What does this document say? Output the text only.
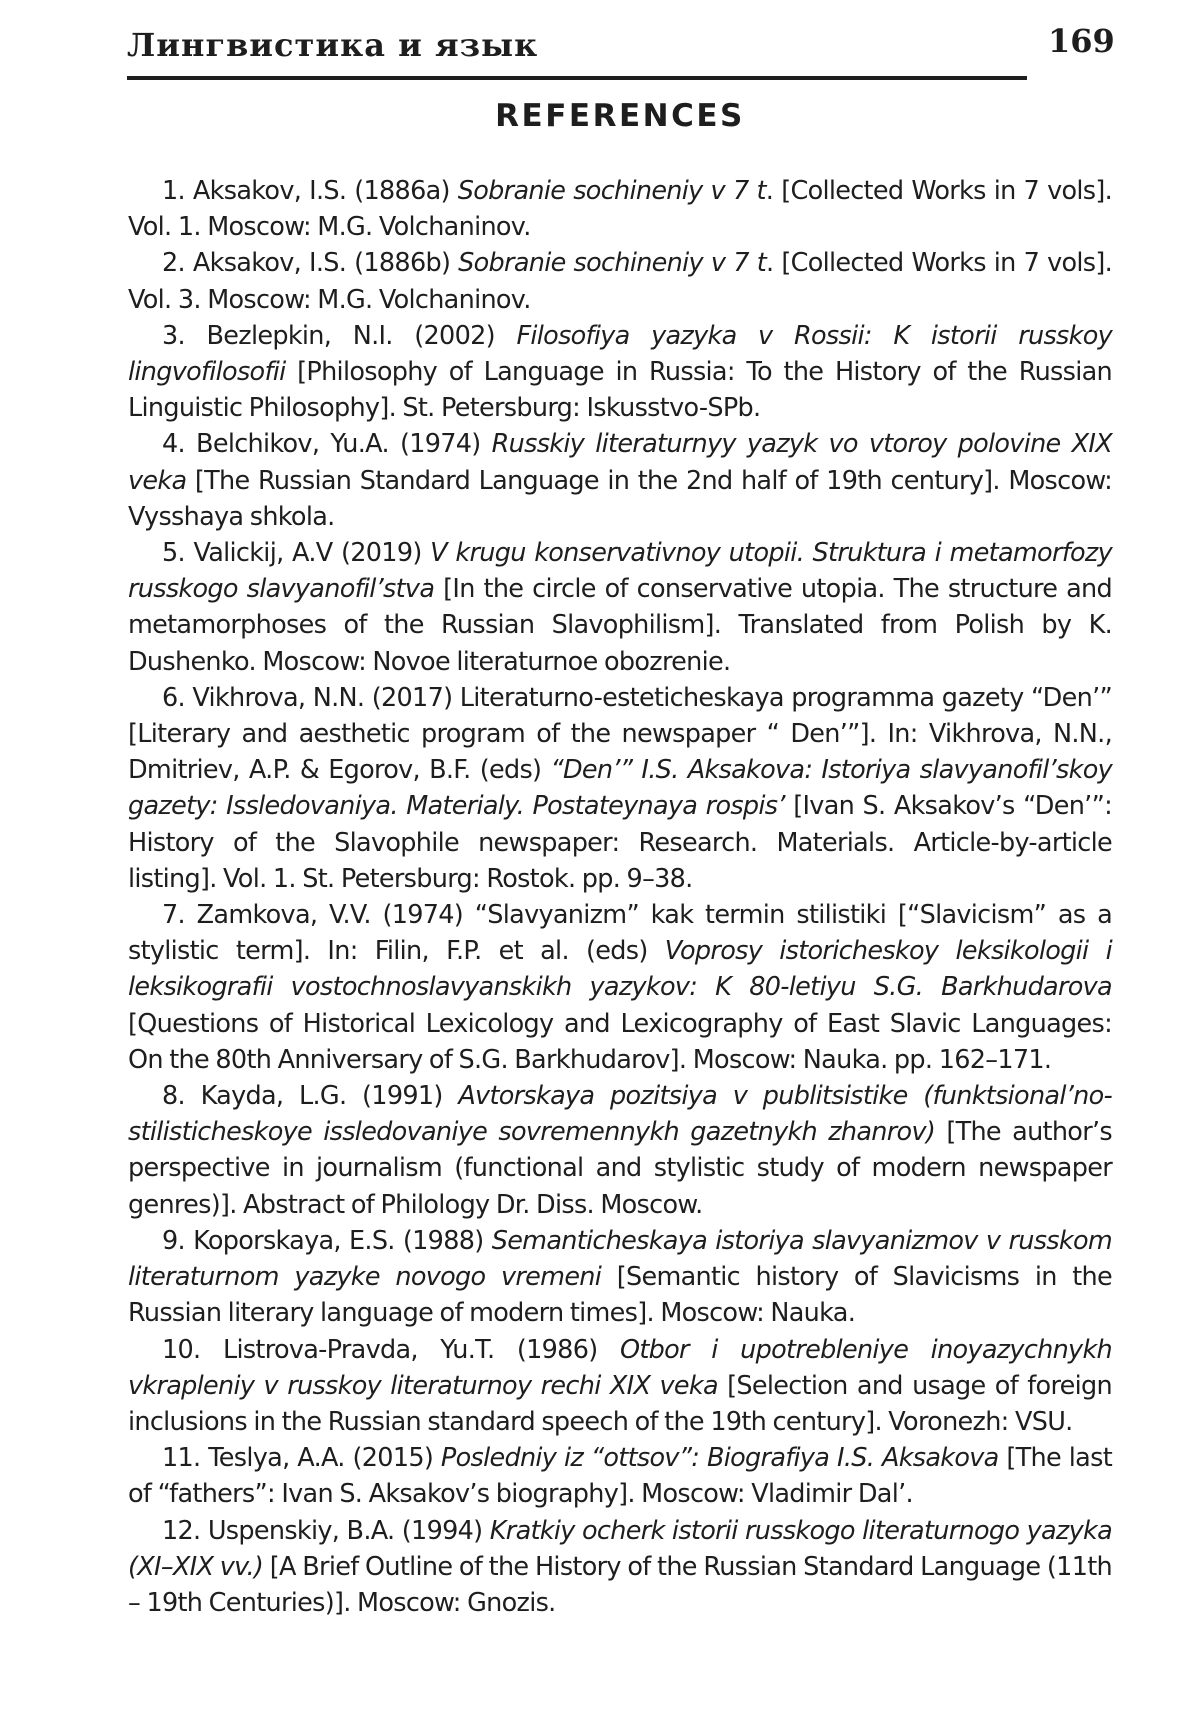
Лингвистика и язык	169
REFERENCES

1. Aksakov, I.S. (1886a) Sobranie sochineniy v 7 t. [Collected Works in 7 vols]. Vol. 1. Moscow: M.G. Volchaninov.

2. Aksakov, I.S. (1886b) Sobranie sochineniy v 7 t. [Collected Works in 7 vols]. Vol. 3. Moscow: M.G. Volchaninov.

3. Bezlepkin, N.I. (2002) Filosofiya yazyka v Rossii: K istorii russkoy lingvofilosofii [Philosophy of Language in Russia: To the History of the Russian Linguistic Philosophy]. St. Petersburg: Iskusstvo-SPb.

4. Belchikov, Yu.A. (1974) Russkiy literaturnyy yazyk vo vtoroy polovine XIX veka [The Russian Standard Language in the 2nd half of 19th century]. Moscow: Vysshaya shkola.

5. Valickij, A.V (2019) V krugu konservativnoy utopii. Struktura i metamorfozy russkogo slavyanofil’stva [In the circle of conservative utopia. The structure and metamorphoses of the Russian Slavophilism]. Translated from Polish by K. Dushenko. Moscow: Novoe literaturnoe obozrenie.

6. Vikhrova, N.N. (2017) Literaturno-esteticheskaya programma gazety “Den’” [Literary and aesthetic program of the newspaper “ Den’”]. In: Vikhrova, N.N., Dmitriev, A.P. & Egorov, B.F. (eds) “Den’” I.S. Aksakova: Istoriya slavyanofil’skoy gazety: Issledovaniya. Materialy. Postateynaya rospis’ [Ivan S. Aksakov’s “Den’”: History of the Slavophile newspaper: Research. Materials. Article-by-article listing]. Vol. 1. St. Petersburg: Rostok. pp. 9–38.

7. Zamkova, V.V. (1974) “Slavyanizm” kak termin stilistiki [“Slavicism” as a stylistic term]. In: Filin, F.P. et al. (eds) Voprosy istoricheskoy leksikologii i leksikografii vostochnoslavyanskikh yazykov: K 80-letiyu S.G. Barkhudarova [Questions of Historical Lexicology and Lexicography of East Slavic Languages: On the 80th Anniversary of S.G. Barkhudarov]. Moscow: Nauka. pp. 162–171.

8. Kayda, L.G. (1991) Avtorskaya pozitsiya v publitsistike (funktsional’no-stilisticheskoye issledovaniye sovremennykh gazetnykh zhanrov) [The author’s perspective in journalism (functional and stylistic study of modern newspaper genres)]. Abstract of Philology Dr. Diss. Moscow.

9. Koporskaya, E.S. (1988) Semanticheskaya istoriya slavyanizmov v russkom literaturnom yazyke novogo vremeni [Semantic history of Slavicisms in the Russian literary language of modern times]. Moscow: Nauka.

10. Listrova-Pravda, Yu.T. (1986) Otbor i upotrebleniye inoyazychnykh vkrapleniy v russkoy literaturnoy rechi XIX veka [Selection and usage of foreign inclusions in the Russian standard speech of the 19th century]. Voronezh: VSU.

11. Teslya, A.A. (2015) Posledniy iz “ottsov”: Biografiya I.S. Aksakova [The last of “fathers”: Ivan S. Aksakov’s biography]. Moscow: Vladimir Dal’.

12. Uspenskiy, B.A. (1994) Kratkiy ocherk istorii russkogo literaturnogo yazyka (XI–XIX vv.) [A Brief Outline of the History of the Russian Standard Language (11th – 19th Centuries)]. Moscow: Gnozis.
